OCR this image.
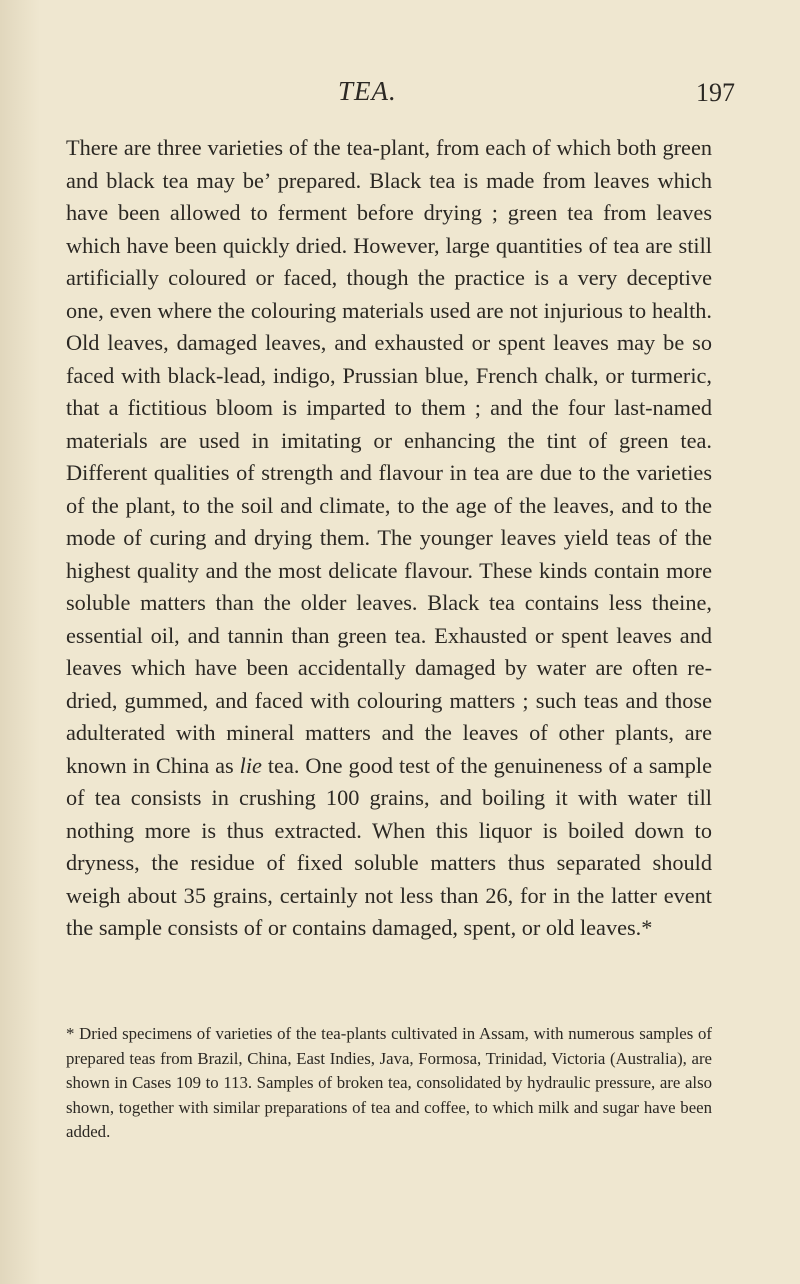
TEA.	197

There are three varieties of the tea-plant, from each of which both green and black tea may be’ prepared. Black tea is made from leaves which have been allowed to ferment before drying ; green tea from leaves which have been quickly dried. However, large quantities of tea are still artificially coloured or faced, though the practice is a very deceptive one, even where the colouring materials used are not injurious to health. Old leaves, damaged leaves, and exhausted or spent leaves may be so faced with black-lead, indigo, Prussian blue, French chalk, or turmeric, that a fictitious bloom is imparted to them ; and the four last-named materials are used in imitating or enhancing the tint of green tea. Different qualities of strength and flavour in tea are due to the varieties of the plant, to the soil and climate, to the age of the leaves, and to the mode of curing and drying them. The younger leaves yield teas of the highest quality and the most delicate flavour. These kinds contain more soluble matters than the older leaves. Black tea contains less theine, essential oil, and tannin than green tea. Exhausted or spent leaves and leaves which have been accidentally damaged by water are often re-dried, gummed, and faced with colouring matters ; such teas and those adulterated with mineral matters and the leaves of other plants, are known in China as lie tea. One good test of the genuineness of a sample of tea consists in crushing 100 grains, and boiling it with water till nothing more is thus extracted. When this liquor is boiled down to dryness, the residue of fixed soluble matters thus separated should weigh about 35 grains, certainly not less than 26, for in the latter event the sample consists of or contains damaged, spent, or old leaves.*

* Dried specimens of varieties of the tea-plants cultivated in Assam, with numerous samples of prepared teas from Brazil, China, East Indies, Java, Formosa, Trinidad, Victoria (Australia), are shown in Cases 109 to 113. Samples of broken tea, consolidated by hydraulic pressure, are also shown, together with similar preparations of tea and coffee, to which milk and sugar have been added.
